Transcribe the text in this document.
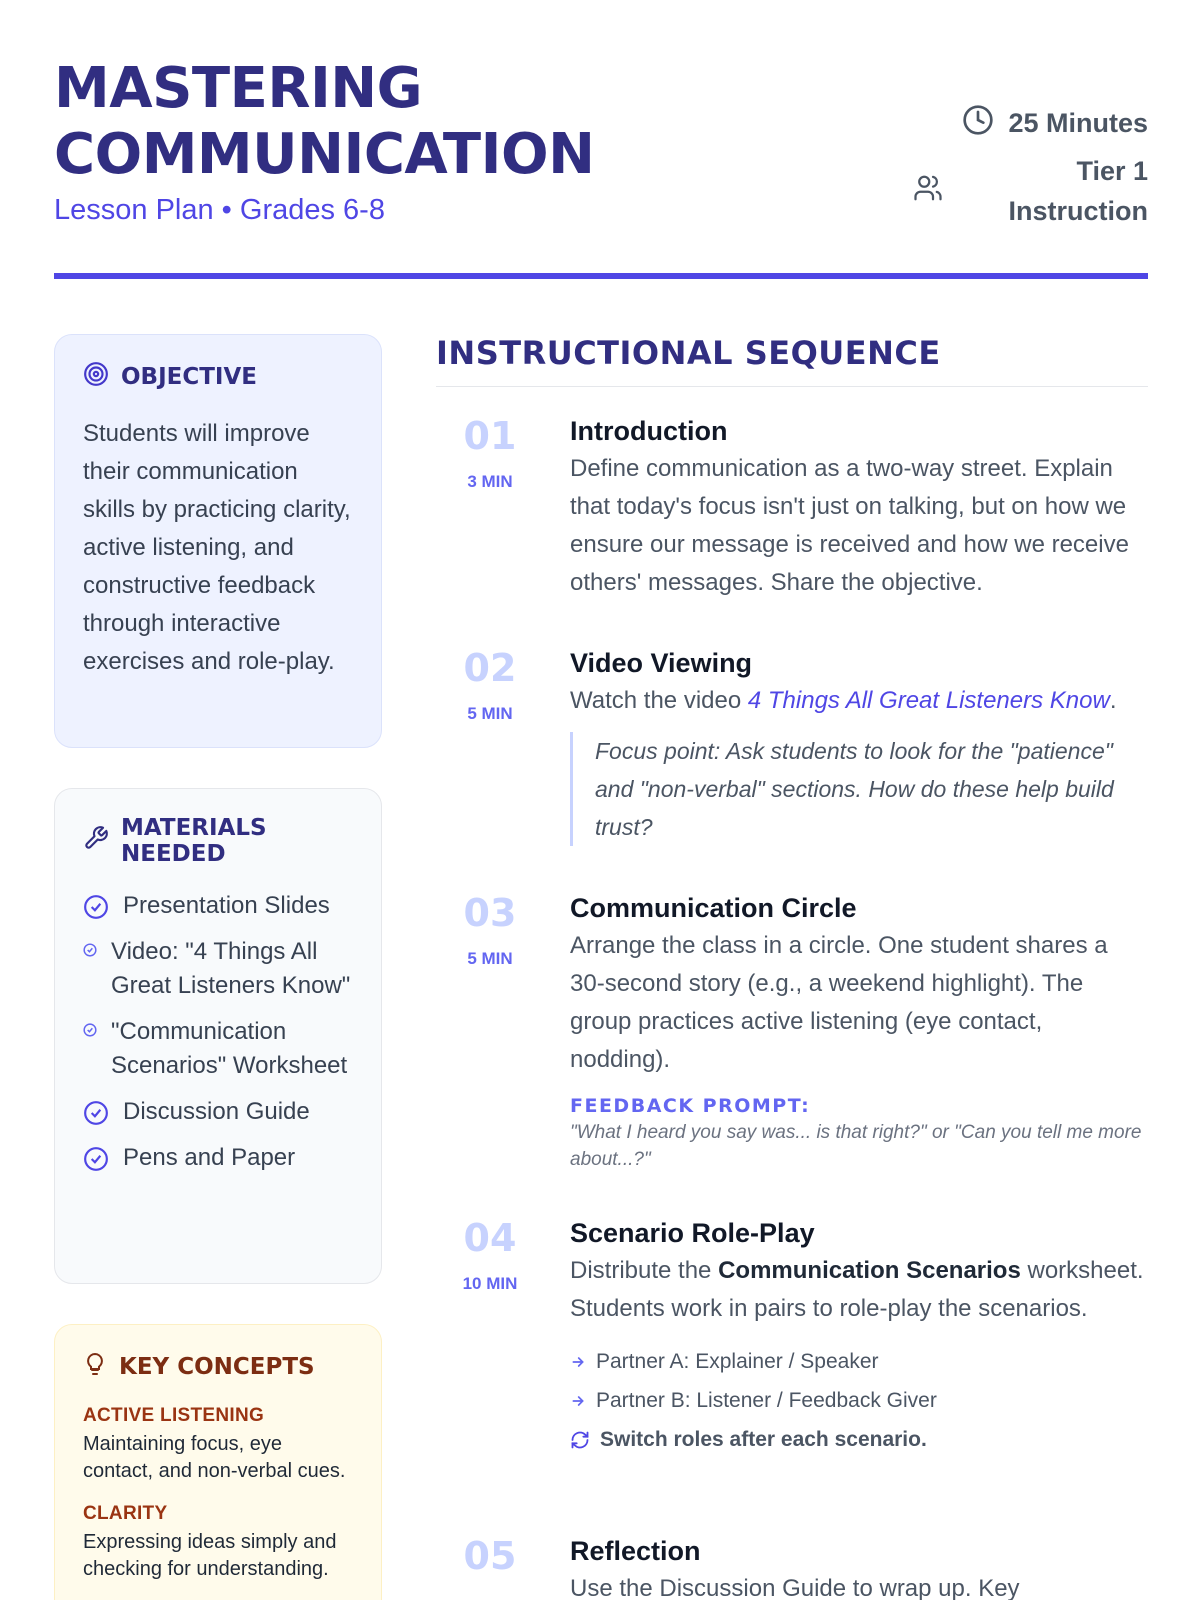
MASTERING
COMMUNICATION
Lesson Plan • Grades 6-8
25 Minutes
Tier 1
Instruction
OBJECTIVE
Students will improve their communication skills by practicing clarity, active listening, and constructive feedback through interactive exercises and role-play.
MATERIALS
NEEDED
Presentation Slides
Video: "4 Things All Great Listeners Know"
"Communication Scenarios" Worksheet
Discussion Guide
Pens and Paper
KEY CONCEPTS
ACTIVE LISTENING
Maintaining focus, eye contact, and non-verbal cues.
CLARITY
Expressing ideas simply and checking for understanding.
INSTRUCTIONAL SEQUENCE
01
3 MIN
Introduction
Define communication as a two-way street. Explain that today's focus isn't just on talking, but on how we ensure our message is received and how we receive others' messages. Share the objective.
02
5 MIN
Video Viewing
Watch the video 4 Things All Great Listeners Know.
Focus point: Ask students to look for the "patience" and "non-verbal" sections. How do these help build trust?
03
5 MIN
Communication Circle
Arrange the class in a circle. One student shares a 30-second story (e.g., a weekend highlight). The group practices active listening (eye contact, nodding).
FEEDBACK PROMPT:
"What I heard you say was... is that right?" or "Can you tell me more about...?"
04
10 MIN
Scenario Role-Play
Distribute the Communication Scenarios worksheet. Students work in pairs to role-play the scenarios.
Partner A: Explainer / Speaker
Partner B: Listener / Feedback Giver
Switch roles after each scenario.
05	Reflection
Use the Discussion Guide to wrap up. Key
